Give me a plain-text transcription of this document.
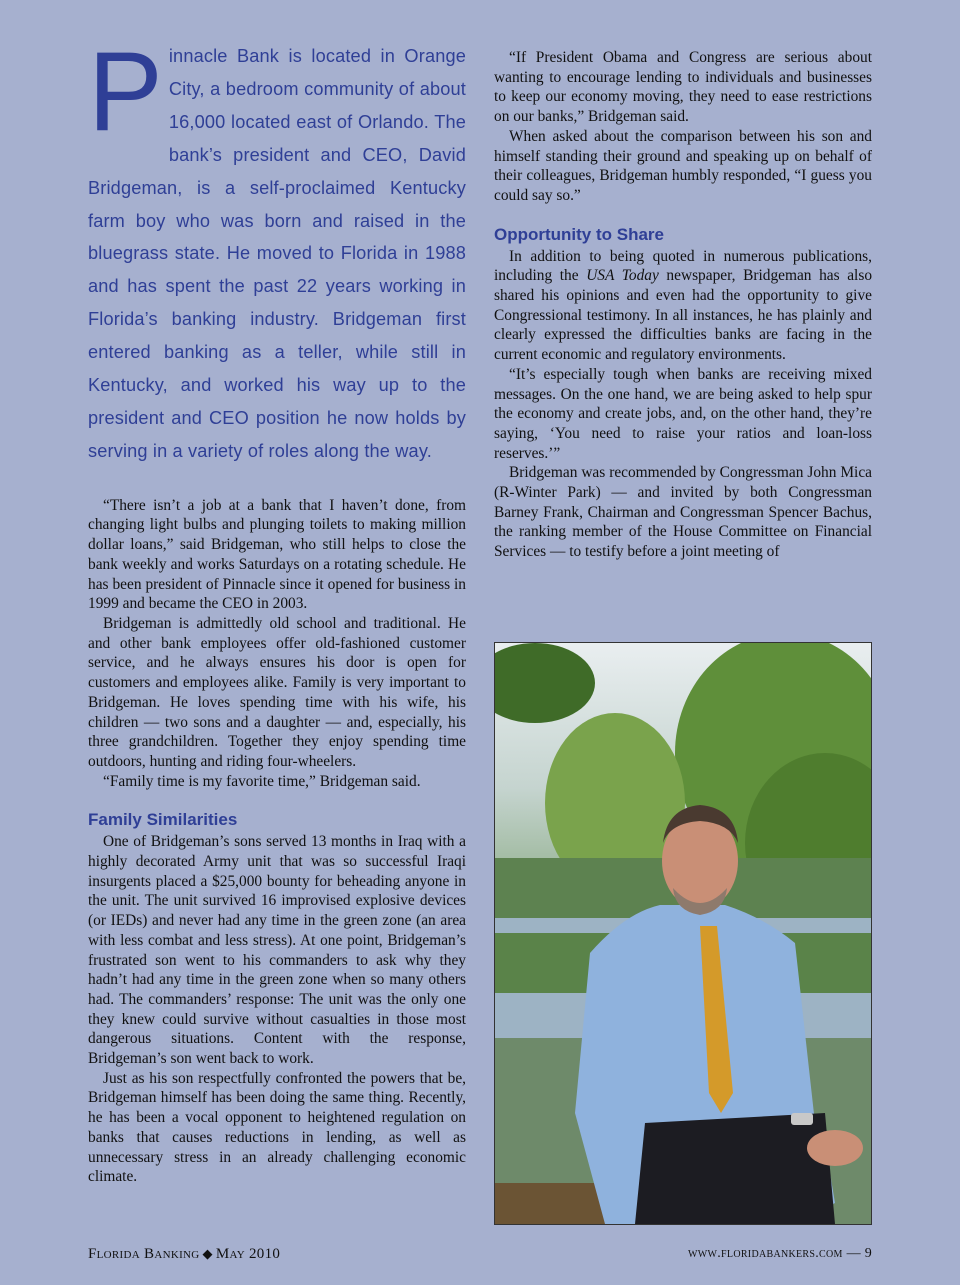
Pinnacle Bank is located in Orange City, a bedroom community of about 16,000 located east of Orlando. The bank’s president and CEO, David Bridgeman, is a self-proclaimed Kentucky farm boy who was born and raised in the bluegrass state. He moved to Florida in 1988 and has spent the past 22 years working in Florida’s banking industry. Bridgeman first entered banking as a teller, while still in Kentucky, and worked his way up to the president and CEO position he now holds by serving in a variety of roles along the way.

“There isn’t a job at a bank that I haven’t done, from changing light bulbs and plunging toilets to making million dollar loans,” said Bridgeman, who still helps to close the bank weekly and works Saturdays on a rotating schedule. He has been president of Pinnacle since it opened for business in 1999 and became the CEO in 2003.

Bridgeman is admittedly old school and traditional. He and other bank employees offer old-fashioned customer service, and he always ensures his door is open for customers and employees alike. Family is very important to Bridgeman. He loves spending time with his wife, his children — two sons and a daughter — and, especially, his three grandchildren. Together they enjoy spending time outdoors, hunting and riding four-wheelers.

“Family time is my favorite time,” Bridgeman said.

Family Similarities

One of Bridgeman’s sons served 13 months in Iraq with a highly decorated Army unit that was so successful Iraqi insurgents placed a $25,000 bounty for beheading anyone in the unit. The unit survived 16 improvised explosive devices (or IEDs) and never had any time in the green zone (an area with less combat and less stress). At one point, Bridgeman’s frustrated son went to his commanders to ask why they hadn’t had any time in the green zone when so many others had. The commanders’ response: The unit was the only one they knew could survive without casualties in those most dangerous situations. Content with the response, Bridgeman’s son went back to work.

Just as his son respectfully confronted the powers that be, Bridgeman himself has been doing the same thing. Recently, he has been a vocal opponent to heightened regulation on banks that causes reductions in lending, as well as unnecessary stress in an already challenging economic climate.

“If President Obama and Congress are serious about wanting to encourage lending to individuals and businesses to keep our economy moving, they need to ease restrictions on our banks,” Bridgeman said.

When asked about the comparison between his son and himself standing their ground and speaking up on behalf of their colleagues, Bridgeman humbly responded, “I guess you could say so.”

Opportunity to Share

In addition to being quoted in numerous publications, including the USA Today newspaper, Bridgeman has also shared his opinions and even had the opportunity to give Congressional testimony. In all instances, he has plainly and clearly expressed the difficulties banks are facing in the current economic and regulatory environments.

“It’s especially tough when banks are receiving mixed messages. On the one hand, we are being asked to help spur the economy and create jobs, and, on the other hand, they’re saying, ‘You need to raise your ratios and loan-loss reserves.’”

Bridgeman was recommended by Congressman John Mica (R-Winter Park) — and invited by both Congressman Barney Frank, Chairman and Congressman Spencer Bachus, the ranking member of the House Committee on Financial Services — to testify before a joint meeting of

Florida Banking ◆ May 2010	www.floridabankers.com — 9
